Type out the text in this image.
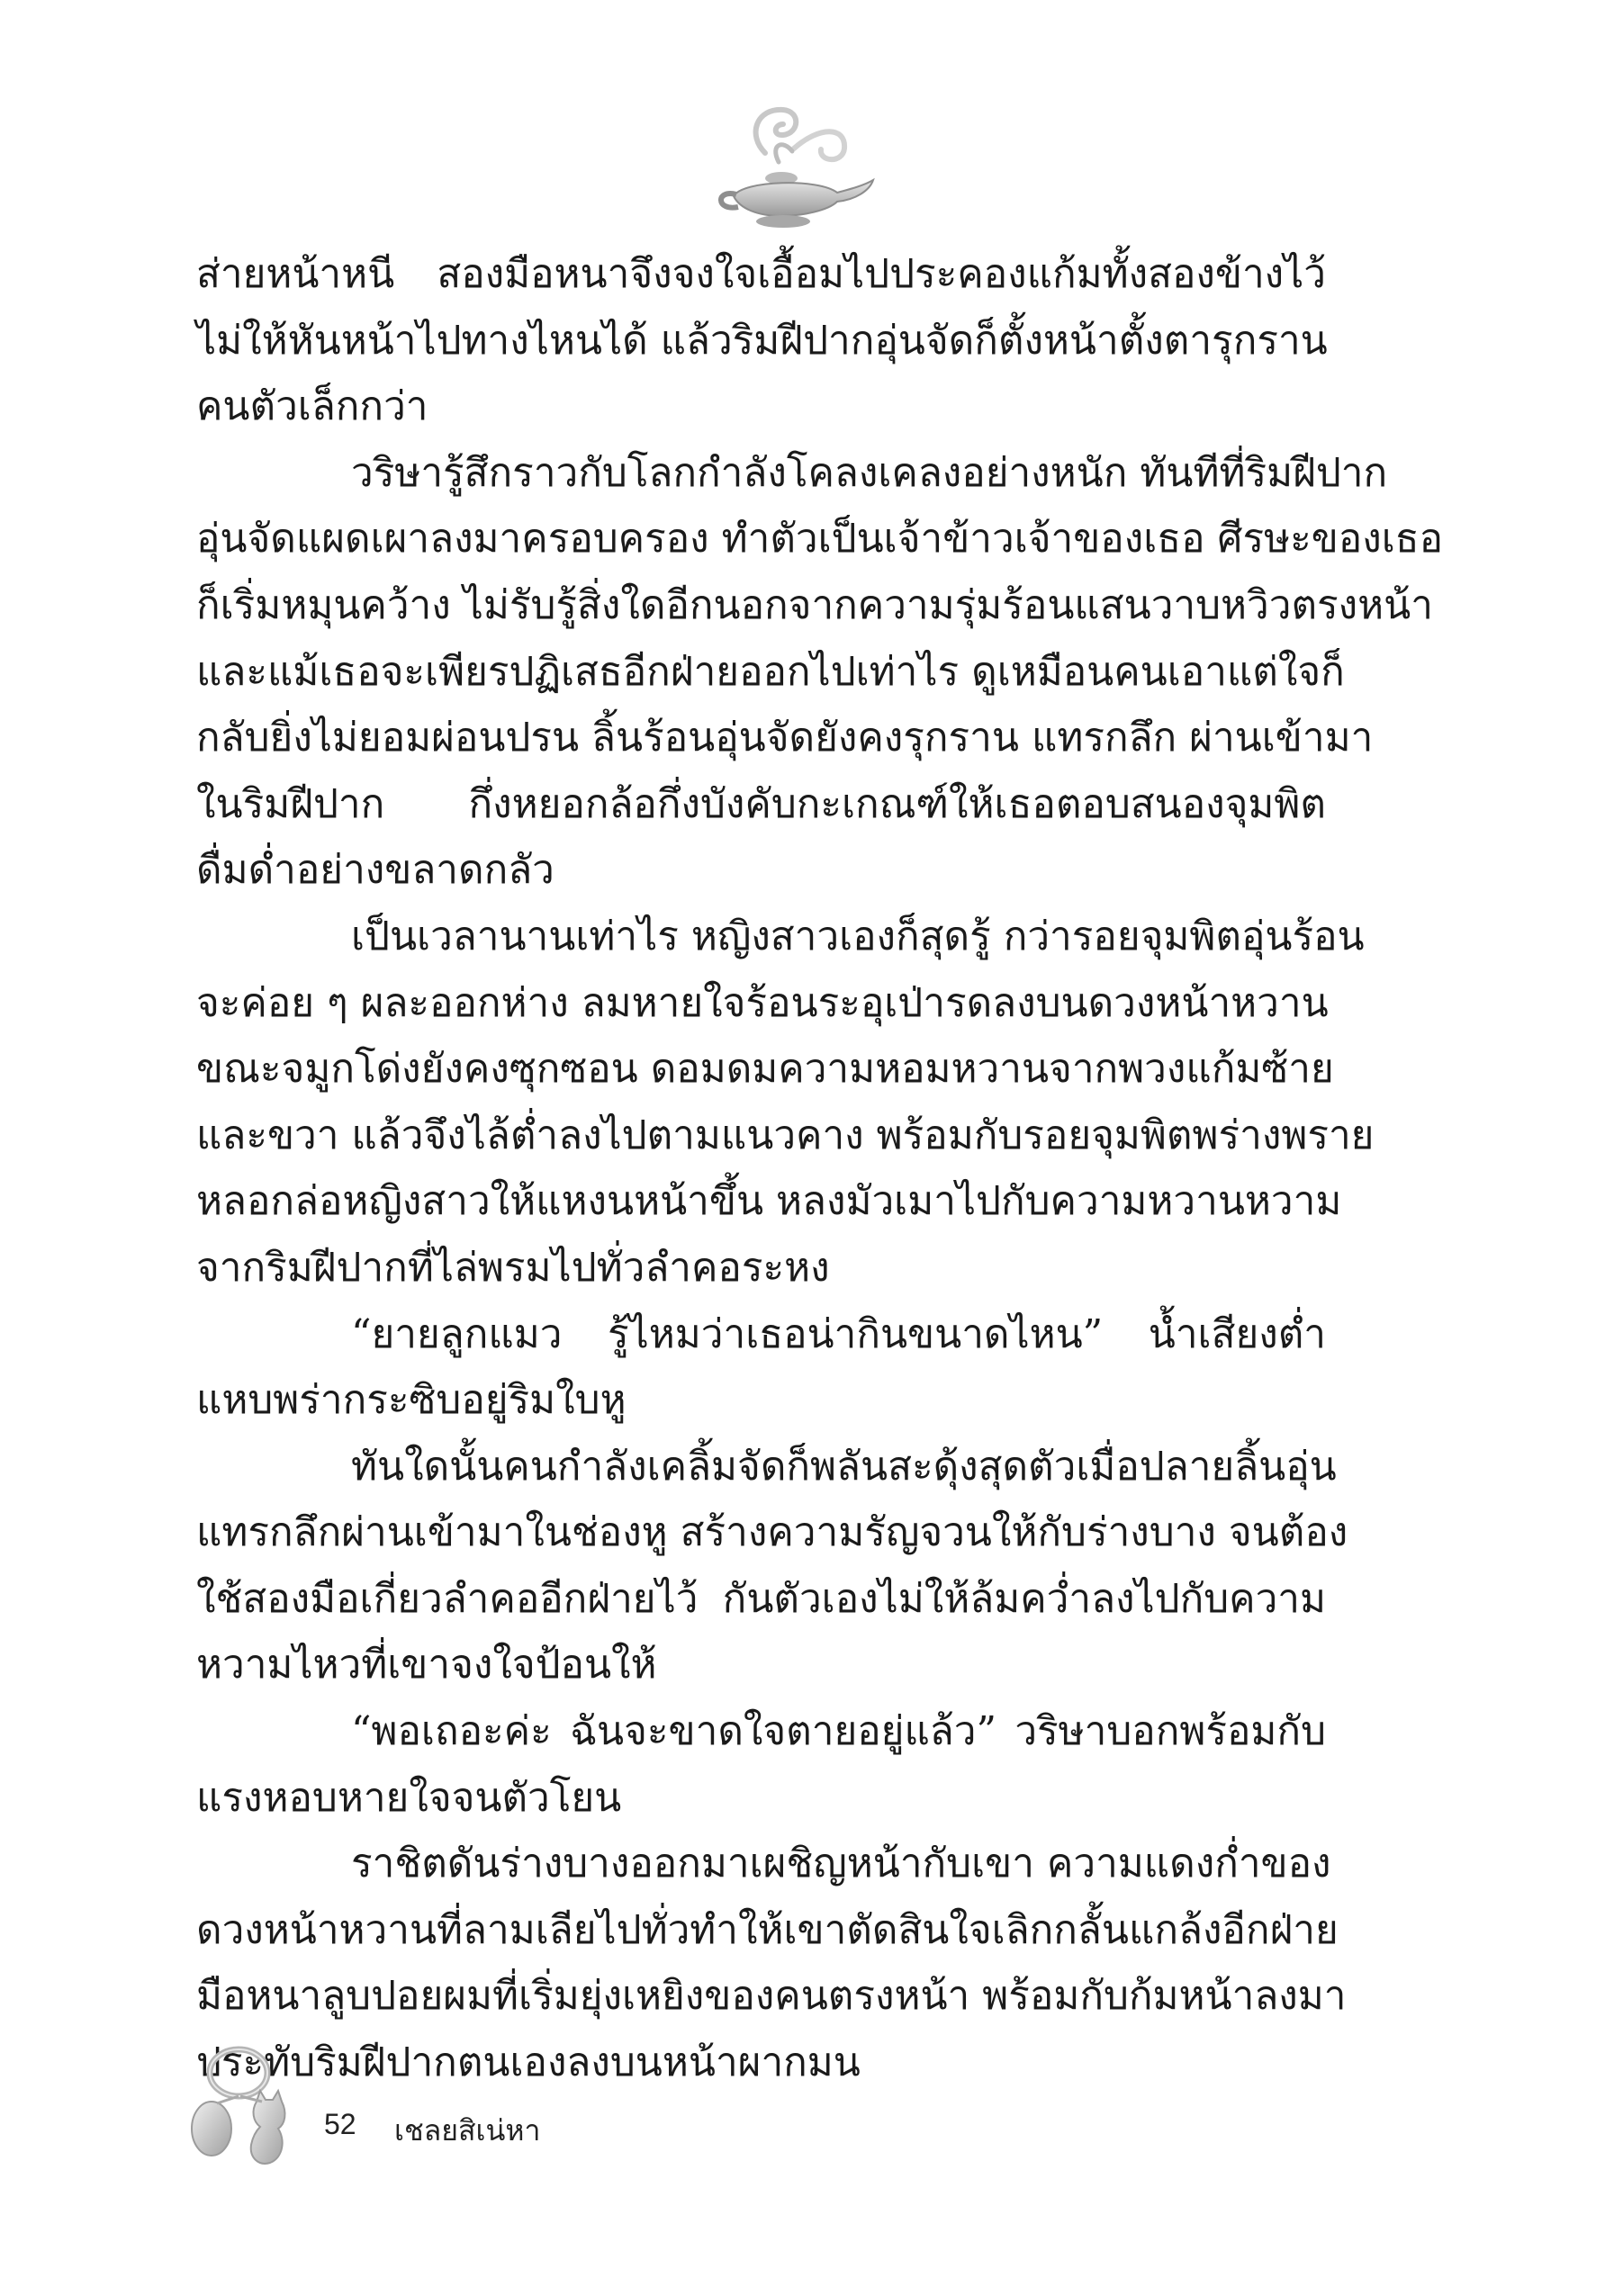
ส่ายหน้าหนี สองมือหนาจึงจงใจเอื้อมไปประคองแก้มทั้งสองข้างไว้
ไม่ให้หันหน้าไปทางไหนได้ แล้วริมฝีปากอุ่นจัดก็ตั้งหน้าตั้งตารุกราน
คนตัวเล็กกว่า
วริษารู้สึกราวกับโลกกำลังโคลงเคลงอย่างหนัก ทันทีที่ริมฝีปาก
อุ่นจัดแผดเผาลงมาครอบครอง ทำตัวเป็นเจ้าข้าวเจ้าของเธอ ศีรษะของเธอ
ก็เริ่มหมุนคว้าง ไม่รับรู้สิ่งใดอีกนอกจากความรุ่มร้อนแสนวาบหวิวตรงหน้า
และแม้เธอจะเพียรปฏิเสธอีกฝ่ายออกไปเท่าไร ดูเหมือนคนเอาแต่ใจก็
กลับยิ่งไม่ยอมผ่อนปรน ลิ้นร้อนอุ่นจัดยังคงรุกราน แทรกลึก ผ่านเข้ามา
ในริมฝีปาก กึ่งหยอกล้อกึ่งบังคับกะเกณฑ์ให้เธอตอบสนองจุมพิต
ดื่มด่ำอย่างขลาดกลัว
เป็นเวลานานเท่าไร หญิงสาวเองก็สุดรู้ กว่ารอยจุมพิตอุ่นร้อน
จะค่อย ๆ ผละออกห่าง ลมหายใจร้อนระอุเป่ารดลงบนดวงหน้าหวาน
ขณะจมูกโด่งยังคงซุกซอน ดอมดมความหอมหวานจากพวงแก้มซ้าย
และขวา แล้วจึงไล้ต่ำลงไปตามแนวคาง พร้อมกับรอยจุมพิตพร่างพราย
หลอกล่อหญิงสาวให้แหงนหน้าขึ้น หลงมัวเมาไปกับความหวานหวาม
จากริมฝีปากที่ไล่พรมไปทั่วลำคอระหง
“ยายลูกแมว รู้ไหมว่าเธอน่ากินขนาดไหน” น้ำเสียงต่ำ
แหบพร่ากระซิบอยู่ริมใบหู
ทันใดนั้นคนกำลังเคลิ้มจัดก็พลันสะดุ้งสุดตัวเมื่อปลายลิ้นอุ่น
แทรกลึกผ่านเข้ามาในช่องหู สร้างความรัญจวนให้กับร่างบาง จนต้อง
ใช้สองมือเกี่ยวลำคออีกฝ่ายไว้ กันตัวเองไม่ให้ล้มคว่ำลงไปกับความ
หวามไหวที่เขาจงใจป้อนให้
“พอเถอะค่ะ ฉันจะขาดใจตายอยู่แล้ว” วริษาบอกพร้อมกับ
แรงหอบหายใจจนตัวโยน
ราชิตดันร่างบางออกมาเผชิญหน้ากับเขา ความแดงก่ำของ
ดวงหน้าหวานที่ลามเลียไปทั่วทำให้เขาตัดสินใจเลิกกลั้นแกล้งอีกฝ่าย
มือหนาลูบปอยผมที่เริ่มยุ่งเหยิงของคนตรงหน้า พร้อมกับก้มหน้าลงมา
ประทับริมฝีปากตนเองลงบนหน้าผากมน
52 เชลยสิเน่หา
